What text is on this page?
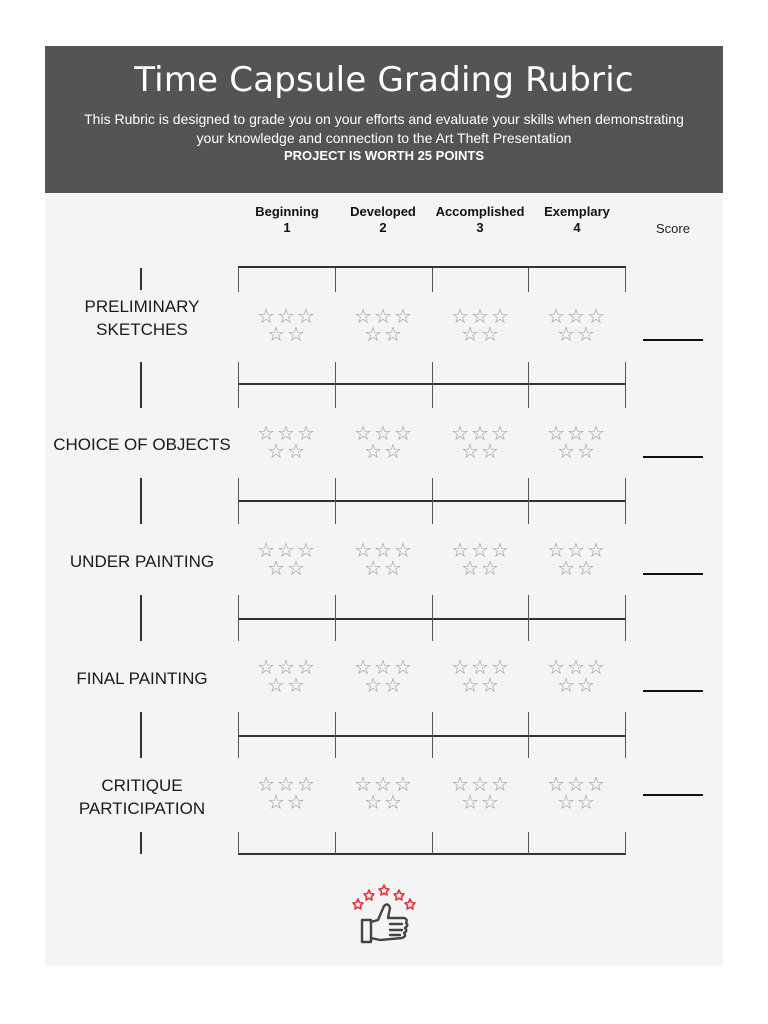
Time Capsule Grading Rubric
This Rubric is designed to grade you on your efforts and evaluate your skills when demonstrating
your knowledge and connection to the Art Theft Presentation
PROJECT IS WORTH 25 POINTS
Beginning
1
Developed
2
Accomplished
3
Exemplary
4	Score
PRELIMINARY
SKETCHES
CHOICE OF OBJECTS
UNDER PAINTING
FINAL PAINTING
CRITIQUE
PARTICIPATION
☆☆☆
☆☆
☆☆☆
☆☆
☆☆☆
☆☆
☆☆☆
☆☆
☆☆☆
☆☆
☆☆☆
☆☆
☆☆☆
☆☆
☆☆☆
☆☆
☆☆☆
☆☆
☆☆☆
☆☆
☆☆☆
☆☆
☆☆☆
☆☆
☆☆☆
☆☆
☆☆☆
☆☆
☆☆☆
☆☆
☆☆☆
☆☆
☆☆☆
☆☆
☆☆☆
☆☆
☆☆☆
☆☆
☆☆☆
☆☆
